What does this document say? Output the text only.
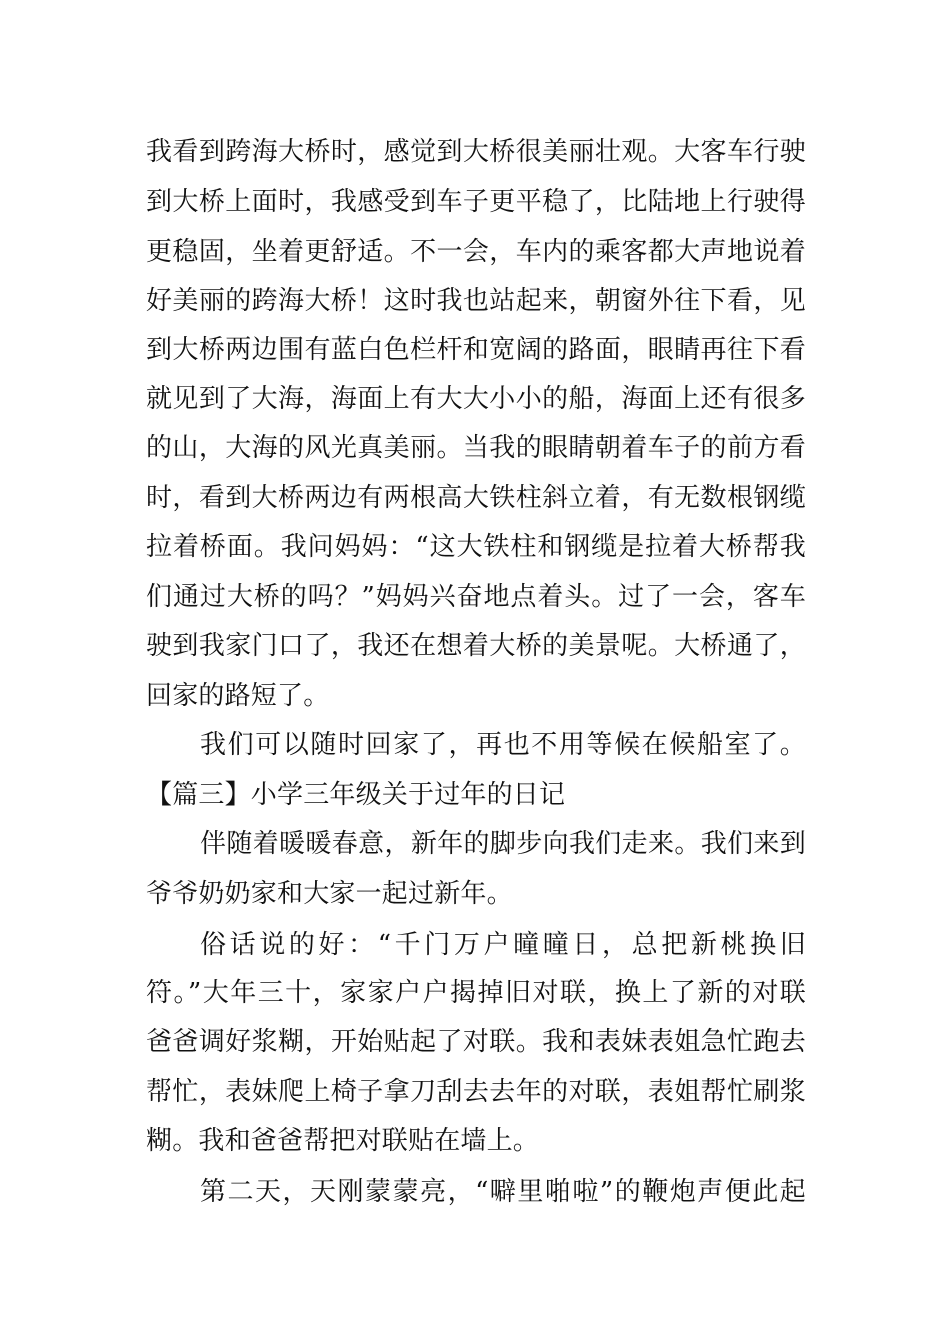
我看到跨海大桥时，感觉到大桥很美丽壮观。大客车行驶
到大桥上面时，我感受到车子更平稳了，比陆地上行驶得
更稳固，坐着更舒适。不一会，车内的乘客都大声地说着
好美丽的跨海大桥！这时我也站起来，朝窗外往下看，见
到大桥两边围有蓝白色栏杆和宽阔的路面，眼睛再往下看
就见到了大海，海面上有大大小小的船，海面上还有很多
的山，大海的风光真美丽。当我的眼睛朝着车子的前方看
时，看到大桥两边有两根高大铁柱斜立着，有无数根钢缆
拉着桥面。我问妈妈：“这大铁柱和钢缆是拉着大桥帮我
们通过大桥的吗？”妈妈兴奋地点着头。过了一会，客车
驶到我家门口了，我还在想着大桥的美景呢。大桥通了，
回家的路短了。
我们可以随时回家了，再也不用等候在候船室了。
【篇三】小学三年级关于过年的日记
伴随着暖暖春意，新年的脚步向我们走来。我们来到
爷爷奶奶家和大家一起过新年。
俗话说的好：“千门万户曈曈日，总把新桃换旧
符。”大年三十，家家户户揭掉旧对联，换上了新的对联
爸爸调好浆糊，开始贴起了对联。我和表妹表姐急忙跑去
帮忙，表妹爬上椅子拿刀刮去去年的对联，表姐帮忙刷浆
糊。我和爸爸帮把对联贴在墙上。
第二天，天刚蒙蒙亮，“噼里啪啦”的鞭炮声便此起
